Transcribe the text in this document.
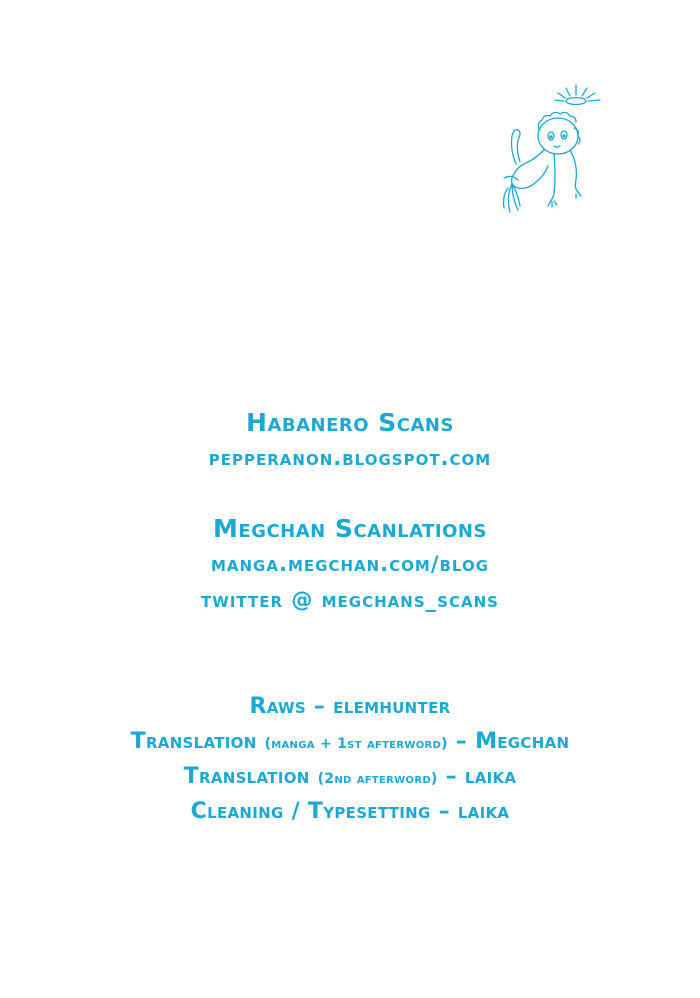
Habanero Scans
pepperanon.blogspot.com
Megchan Scanlations
manga.megchan.com/blog
twitter @ megchans_scans
Raws – elemhunter
Translation (manga + 1st afterword) – Megchan
Translation (2nd afterword) – laika
Cleaning / Typesetting – laika
